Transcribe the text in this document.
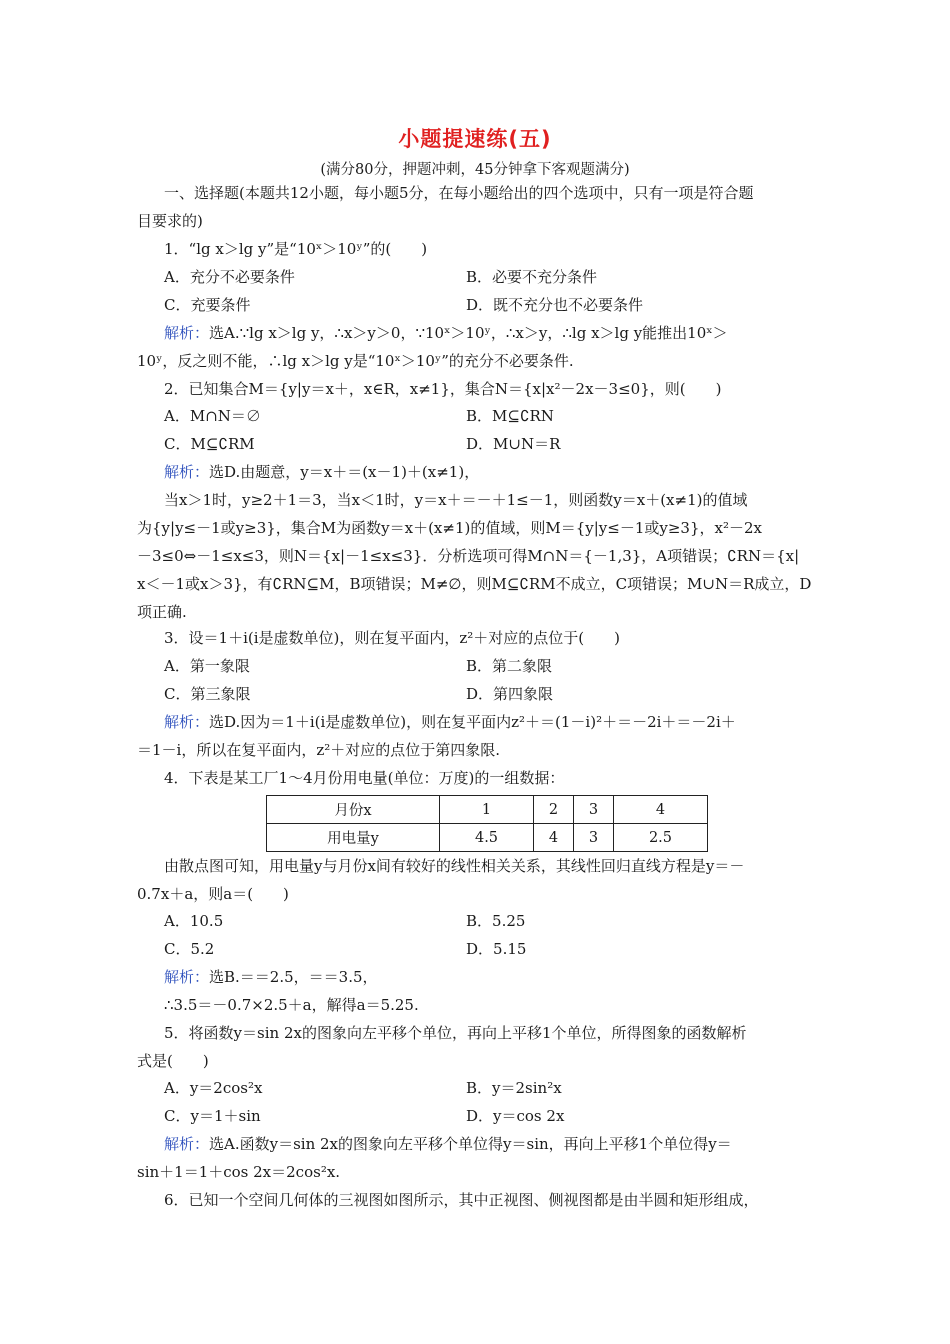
小题提速练(五)
(满分80分，押题冲刺，45分钟拿下客观题满分)
一、选择题(本题共12小题，每小题5分，在每小题给出的四个选项中，只有一项是符合题
目要求的)
1．“lg x＞lg y”是“10ˣ＞10ʸ”的(　　)
A．充分不必要条件	B．必要不充分条件
C．充要条件	D．既不充分也不必要条件
解析：选A.∵lg x＞lg y，∴x＞y＞0，∵10ˣ＞10ʸ，∴x＞y，∴lg x＞lg y能推出10ˣ＞
10ʸ，反之则不能，∴lg x＞lg y是“10ˣ＞10ʸ”的充分不必要条件.
2．已知集合M＝{y|y＝x＋，x∈R，x≠1}，集合N＝{x|x²－2x－3≤0}，则(　　)
A．M∩N＝∅	B．M⊆∁RN
C．M⊆∁RM	D．M∪N＝R
解析：选D.由题意，y＝x＋＝(x－1)＋(x≠1)，
当x＞1时，y≥2＋1＝3，当x＜1时，y＝x＋＝－＋1≤－1，则函数y＝x＋(x≠1)的值域
为{y|y≤－1或y≥3}，集合M为函数y＝x＋(x≠1)的值域，则M＝{y|y≤－1或y≥3}，x²－2x
－3≤0⇔－1≤x≤3，则N＝{x|－1≤x≤3}．分析选项可得M∩N＝{－1,3}，A项错误；∁RN＝{x|
x＜－1或x＞3}，有∁RN⊆M，B项错误；M≠∅，则M⊆∁RM不成立，C项错误；M∪N＝R成立，D
项正确.
3．设＝1＋i(i是虚数单位)，则在复平面内，z²＋对应的点位于(　　)
A．第一象限	B．第二象限
C．第三象限	D．第四象限
解析：选D.因为＝1＋i(i是虚数单位)，则在复平面内z²＋＝(1－i)²＋＝－2i＋＝－2i＋
＝1－i，所以在复平面内，z²＋对应的点位于第四象限.
4．下表是某工厂1～4月份用电量(单位：万度)的一组数据：
月份x	1	2	3	4
用电量y	4.5	4	3	2.5
由散点图可知，用电量y与月份x间有较好的线性相关关系，其线性回归直线方程是y＝－
0.7x＋a，则a＝(　　)
A．10.5	B．5.25
C．5.2	D．5.15
解析：选B.＝＝2.5，＝＝3.5，
∴3.5＝－0.7×2.5＋a，解得a＝5.25.
5．将函数y＝sin 2x的图象向左平移个单位，再向上平移1个单位，所得图象的函数解析
式是(　　)
A．y＝2cos²x	B．y＝2sin²x
C．y＝1＋sin	D．y＝cos 2x
解析：选A.函数y＝sin 2x的图象向左平移个单位得y＝sin，再向上平移1个单位得y＝
sin＋1＝1＋cos 2x＝2cos²x.
6．已知一个空间几何体的三视图如图所示，其中正视图、侧视图都是由半圆和矩形组成，
